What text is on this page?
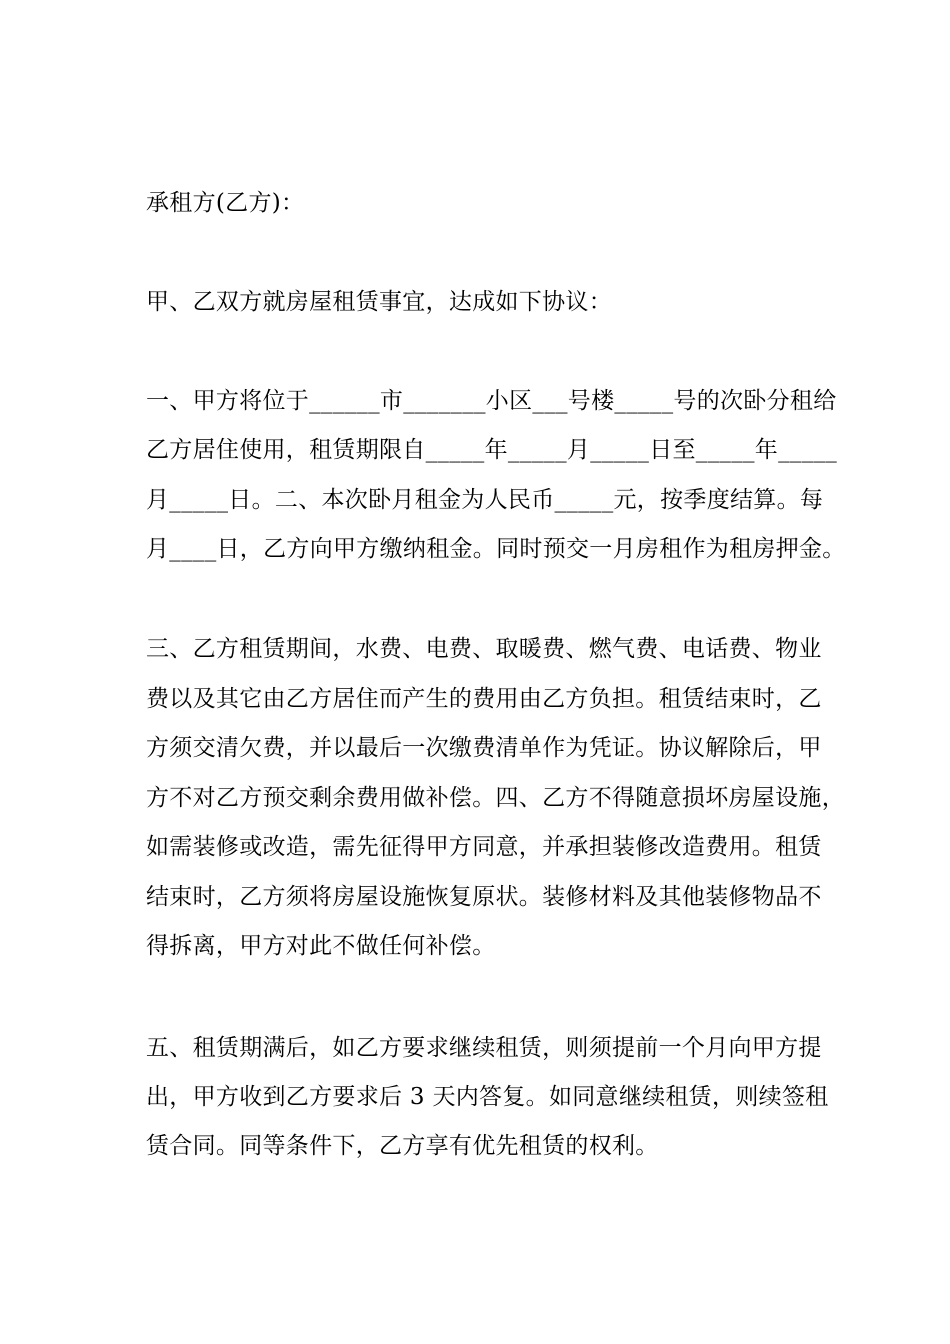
承租方(乙方)：

甲、乙双方就房屋租赁事宜，达成如下协议：

一、甲方将位于______市_______小区___号楼_____号的次卧分租给

乙方居住使用，租赁期限自_____年_____月_____日至_____年_____

月_____日。二、本次卧月租金为人民币_____元，按季度结算。每

月____日，乙方向甲方缴纳租金。同时预交一月房租作为租房押金。

三、乙方租赁期间，水费、电费、取暖费、燃气费、电话费、物业

费以及其它由乙方居住而产生的费用由乙方负担。租赁结束时，乙

方须交清欠费，并以最后一次缴费清单作为凭证。协议解除后，甲

方不对乙方预交剩余费用做补偿。四、乙方不得随意损坏房屋设施，

如需装修或改造，需先征得甲方同意，并承担装修改造费用。租赁

结束时，乙方须将房屋设施恢复原状。装修材料及其他装修物品不

得拆离，甲方对此不做任何补偿。

五、租赁期满后，如乙方要求继续租赁，则须提前一个月向甲方提

出，甲方收到乙方要求后 3 天内答复。如同意继续租赁，则续签租

赁合同。同等条件下，乙方享有优先租赁的权利。
